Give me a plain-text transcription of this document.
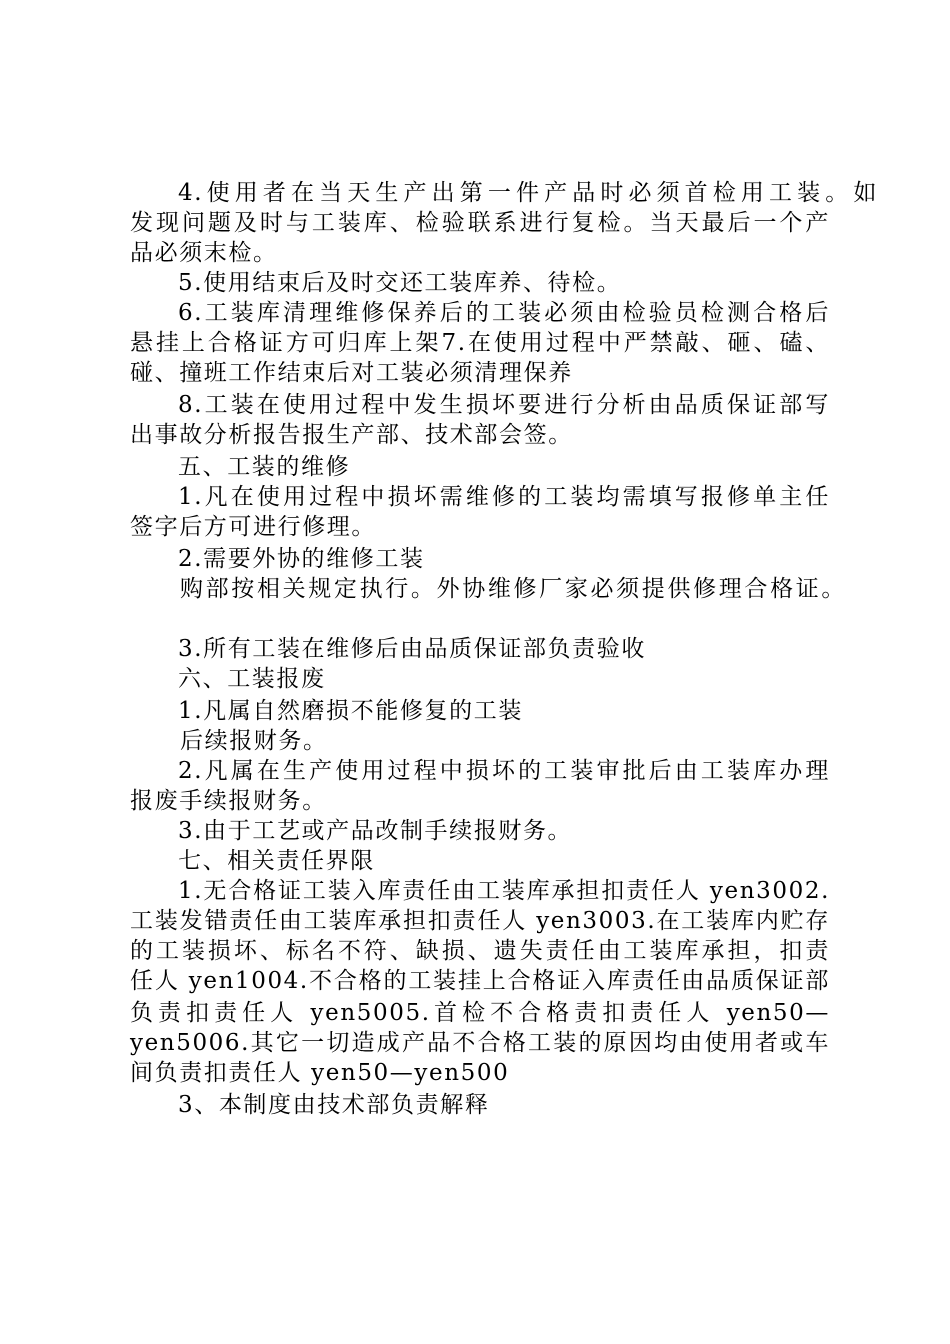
4.使用者在当天生产出第一件产品时必须首检用工装。如
发现问题及时与工装库、检验联系进行复检。当天最后一个产
品必须末检。
5.使用结束后及时交还工装库养、待检。
6.工装库清理维修保养后的工装必须由检验员检测合格后
悬挂上合格证方可归库上架7.在使用过程中严禁敲、砸、磕、
碰、撞班工作结束后对工装必须清理保养
8.工装在使用过程中发生损坏要进行分析由品质保证部写
出事故分析报告报生产部、技术部会签。
五、工装的维修
1.凡在使用过程中损坏需维修的工装均需填写报修单主任
签字后方可进行修理。
2.需要外协的维修工装
购部按相关规定执行。外协维修厂家必须提供修理合格证。
3.所有工装在维修后由品质保证部负责验收
六、工装报废
1.凡属自然磨损不能修复的工装
后续报财务。
2.凡属在生产使用过程中损坏的工装审批后由工装库办理
报废手续报财务。
3.由于工艺或产品改制手续报财务。
七、相关责任界限
1.无合格证工装入库责任由工装库承担扣责任人 yen3002.
工装发错责任由工装库承担扣责任人 yen3003.在工装库内贮存
的工装损坏、标名不符、缺损、遗失责任由工装库承担，扣责
任人 yen1004.不合格的工装挂上合格证入库责任由品质保证部
负责扣责任人 yen5005.首检不合格责扣责任人 yen50—
yen5006.其它一切造成产品不合格工装的原因均由使用者或车
间负责扣责任人 yen50—yen500
3、本制度由技术部负责解释
